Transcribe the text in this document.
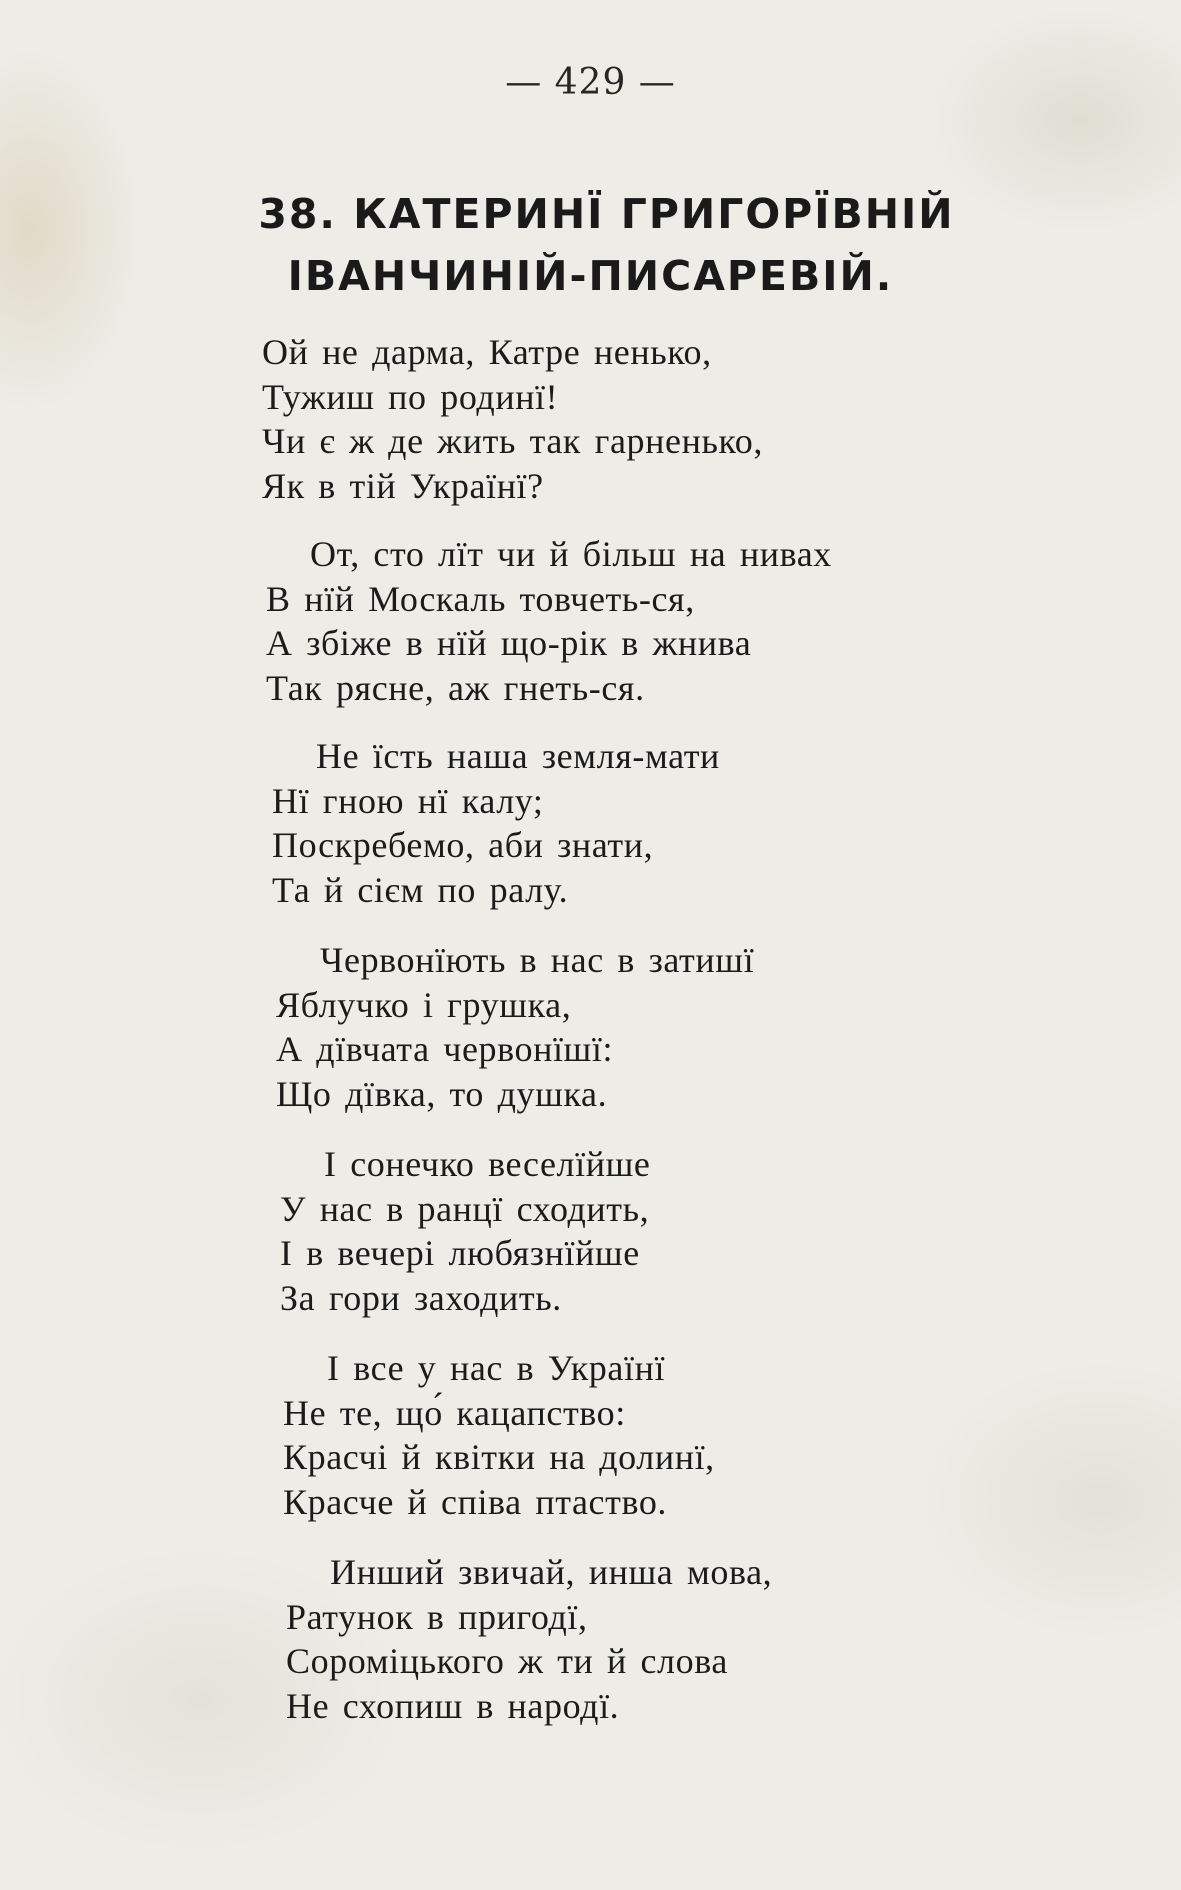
— 429 —
38. КАТЕРИНЇ ГРИГОРЇВНІЙ
ІВАНЧИНІЙ-ПИСАРЕВІЙ.
Ой не дарма, Катре ненько,
Тужиш по родинї!
Чи є ж де жить так гарненько,
Як в тій Українї?
От, сто лїт чи й більш на нивах
В нїй Москаль товчеть-ся,
А збіже в нїй що-рік в жнива
Так рясне, аж гнеть-ся.
Не їсть наша земля-мати
Нї гною нї калу;
Поскребемо, аби знати,
Та й сієм по ралу.
Червонїють в нас в затишї
Яблучко і грушка,
А дївчата червонїшї:
Що дївка, то душка.
І сонечко веселїйше
У нас в ранцї сходить,
І в вечері любязнїйше
За гори заходить.
І все у нас в Українї
Не те, що́ кацапство:
Красчі й квітки на долинї,
Красче й співа птаство.
Инший звичай, инша мова,
Ратунок в пригодї,
Сороміцького ж ти й слова
Не схопиш в народї.
